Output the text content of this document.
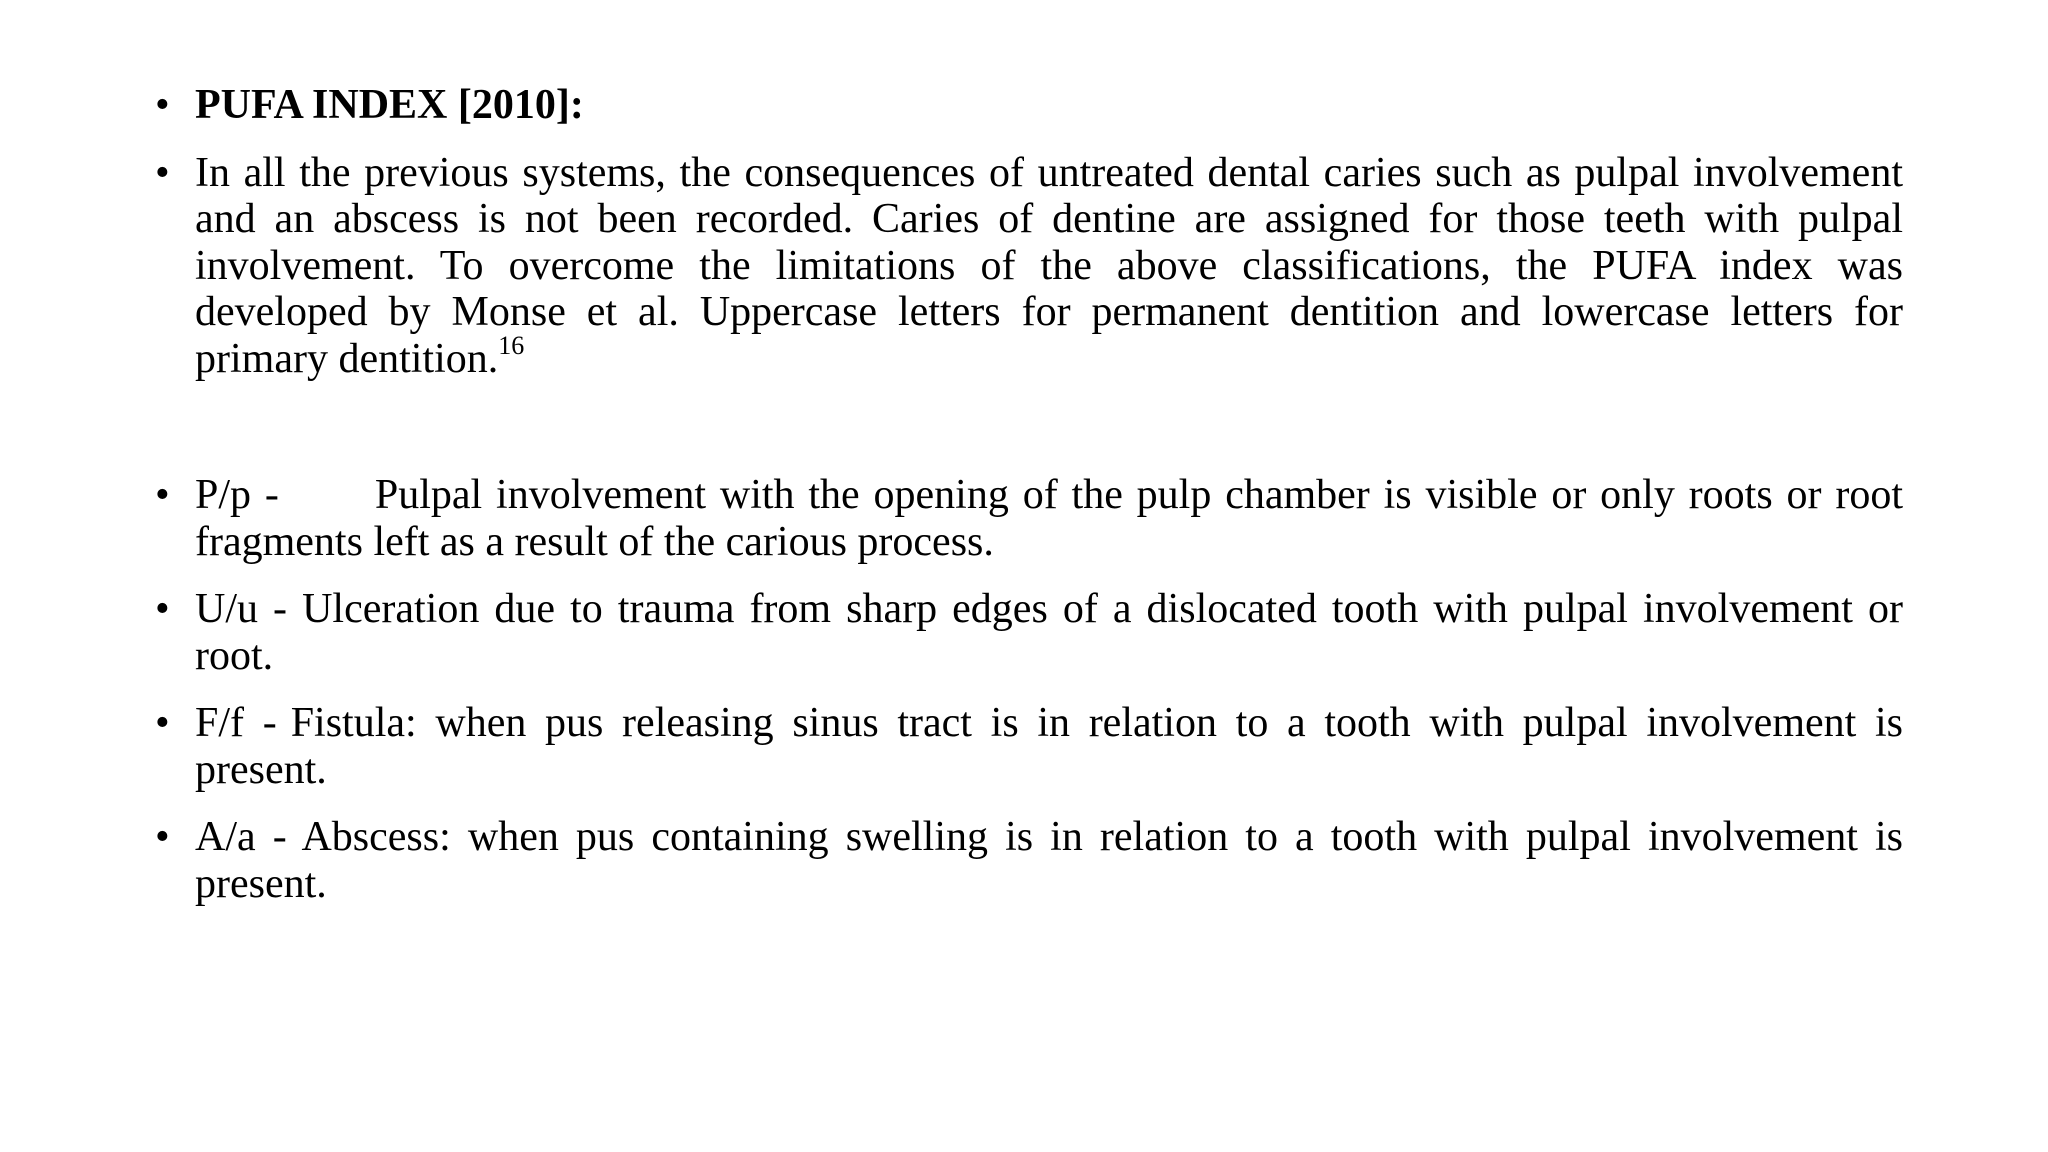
• PUFA INDEX [2010]:
• In all the previous systems, the consequences of untreated dental caries such as pulpal involvement and an abscess is not been recorded. Caries of dentine are assigned for those teeth with pulpal involvement. To overcome the limitations of the above classifications, the PUFA index was developed by Monse et al. Uppercase letters for permanent dentition and lowercase letters for primary dentition.$^{16}$
• P/p - Pulpal involvement with the opening of the pulp chamber is visible or only roots or root fragments left as a result of the carious process.
• U/u - Ulceration due to trauma from sharp edges of a dislocated tooth with pulpal involvement or root.
• F/f - Fistula: when pus releasing sinus tract is in relation to a tooth with pulpal involvement is present.
• A/a - Abscess: when pus containing swelling is in relation to a tooth with pulpal involvement is present.
